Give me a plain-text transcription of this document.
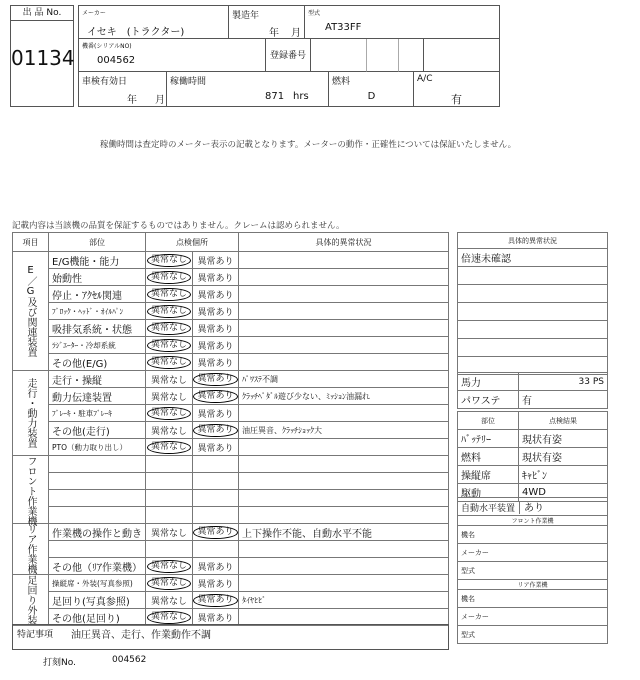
出 品 No.
01134
メーカー
イセキ　(トラクター)
製造年
年 月
型式
AT33FF
機番(シリアルNO)
004562	登録番号
車検有効日
年 月
稼働時間
871 hrs
燃料
D
A/C
有
稼働時間は査定時のメーター表示の記載となります。メーターの動作・正確性については保証いたしません。
記載内容は当該機の品質を保証するものではありません。クレームは認められません。
項目	部位	点検個所		具体的異常状況
E／G及び関連装置	E/G機能・能力	異常なし	異常あり	
	始動性	異常なし	異常あり	
	停止・ｱｸｾﾙ関連	異常なし	異常あり	
	ﾌﾞﾛｯｸ・ﾍｯﾄﾞ・ｵｲﾙﾊﾟﾝ	異常なし	異常あり	
	吸排気系統・状態	異常なし	異常あり	
	ﾗｼﾞｴｰﾀｰ・冷却系統	異常なし	異常あり	
	その他(E/G)	異常なし	異常あり	
走行・動力装置	走行・操縦	異常なし	異常あり	ﾊﾟﾜｽﾃ不調
	動力伝達装置	異常なし	異常あり	ｸﾗｯﾁﾍﾟﾀﾞﾙ遊び少ない、ﾐｯｼｮﾝ油漏れ
	ﾌﾞﾚｰｷ・駐車ﾌﾞﾚｰｷ	異常なし	異常あり	
	その他(走行)	異常なし	異常あり	油圧異音、ｸﾗｯﾁｼｮｯｸ大
	PTO（動力取り出し）	異常なし	異常あり	
フロント作業機				

リア作業機	作業機の操作と動き	異常なし	異常あり	上下操作不能、自動水平不能

	その他（ﾘｱ作業機）	異常なし	異常あり	
足回り外装	操縦席・外装(写真参照)	異常なし	異常あり	
	足回り(写真参照)	異常なし	異常あり	ﾀｲﾔﾋﾋﾞ
	その他(足回り)	異常なし	異常あり	
特記事項 油圧異音、走行、作業動作不調
打刻No.	004562
具体的異常状況
倍速未確認

馬力	33 PS
パワステ	有
部位	点検結果
ﾊﾞｯﾃﾘｰ	現状有姿
燃料	現状有姿
操縦席	ｷｬﾋﾞﾝ
駆動	4WD
自動水平装置 あり
フロント作業機
機名
メーカー
型式
リア作業機
機名
メーカー
型式
